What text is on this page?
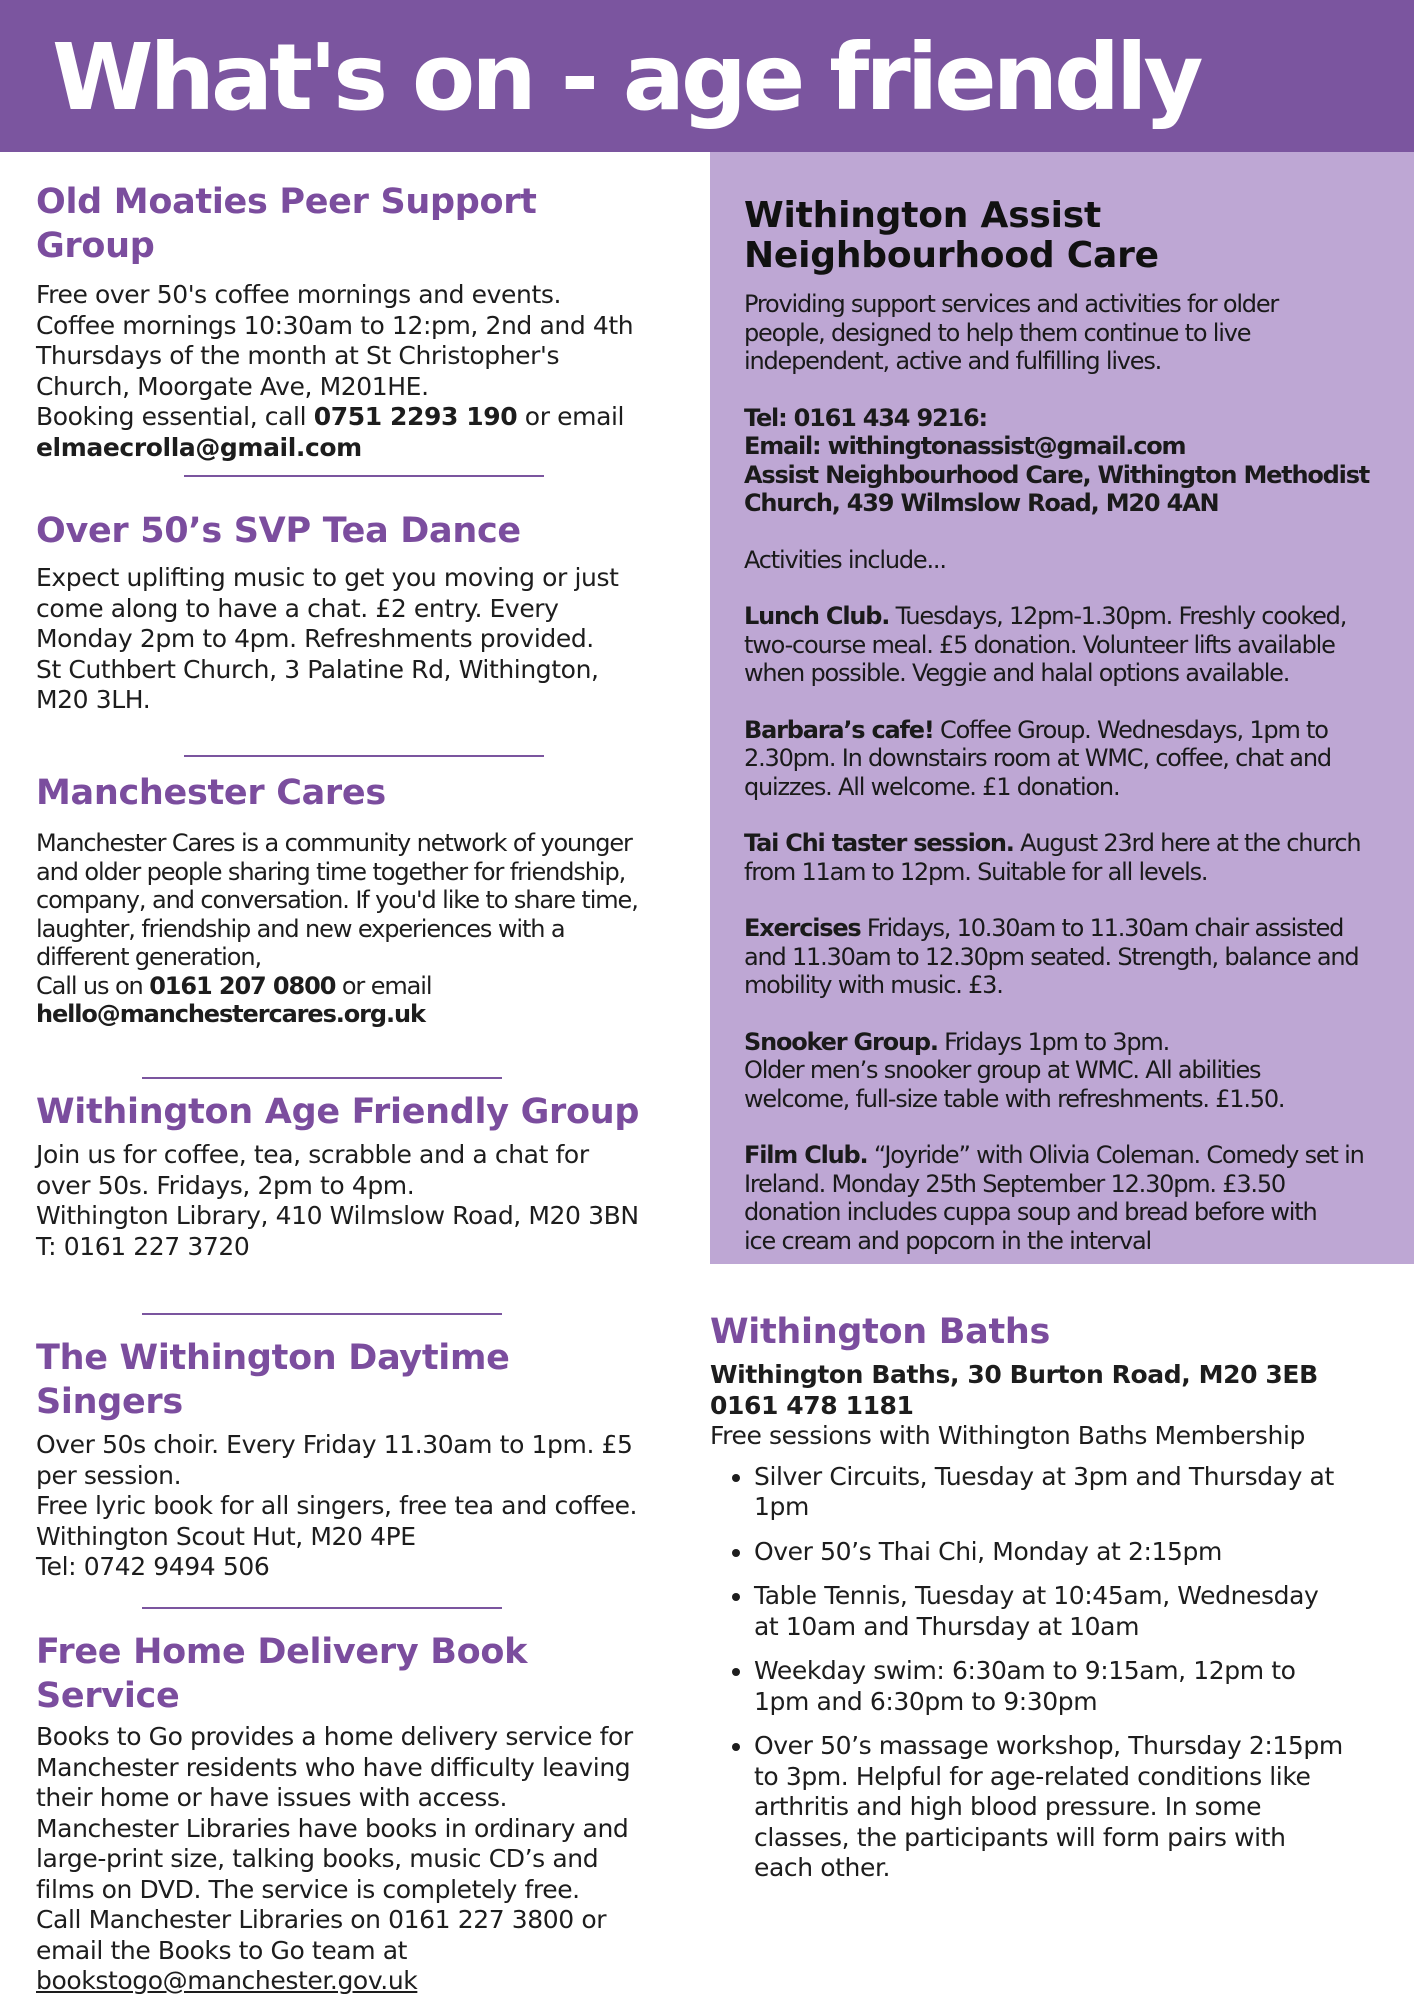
What's on - age friendly
Old Moaties Peer Support Group

Free over 50's coffee mornings and events.

Coffee mornings 10:30am to 12:pm, 2nd and 4th

Thursdays of the month at St Christopher's

Church, Moorgate Ave, M201HE.

Booking essential, call 0751 2293 190 or email

elmaecrolla@gmail.com

Over 50’s SVP Tea Dance

Expect uplifting music to get you moving or just

come along to have a chat. £2 entry. Every

Monday 2pm to 4pm. Refreshments provided.

St Cuthbert Church, 3 Palatine Rd, Withington,

M20 3LH.

Manchester Cares

Manchester Cares is a community network of younger

and older people sharing time together for friendship,

company, and conversation. If you'd like to share time,

laughter, friendship and new experiences with a

different generation,

Call us on 0161 207 0800 or email

hello@manchestercares.org.uk

Withington Age Friendly Group

Join us for coffee, tea, scrabble and a chat for

over 50s. Fridays, 2pm to 4pm.

Withington Library, 410 Wilmslow Road, M20 3BN

T: 0161 227 3720

The Withington Daytime Singers

Over 50s choir. Every Friday 11.30am to 1pm. £5

per session.

Free lyric book for all singers, free tea and coffee.

Withington Scout Hut, M20 4PE

Tel: 0742 9494 506

Free Home Delivery Book Service

Books to Go provides a home delivery service for

Manchester residents who have difficulty leaving

their home or have issues with access.

Manchester Libraries have books in ordinary and

large-print size, talking books, music CD’s and

films on DVD. The service is completely free.

Call Manchester Libraries on 0161 227 3800 or

email the Books to Go team at

bookstogo@manchester.gov.uk

Withington Assist Neighbourhood Care

Providing support services and activities for older

people, designed to help them continue to live

independent, active and fulfilling lives.

Tel: 0161 434 9216:

Email: withingtonassist@gmail.com

Assist Neighbourhood Care, Withington Methodist

Church, 439 Wilmslow Road, M20 4AN

Activities include...

Lunch Club. Tuesdays, 12pm-1.30pm. Freshly cooked,

two-course meal. £5 donation. Volunteer lifts available

when possible. Veggie and halal options available.

Barbara’s cafe! Coffee Group. Wednesdays, 1pm to

2.30pm. In downstairs room at WMC, coffee, chat and

quizzes. All welcome. £1 donation.

Tai Chi taster session. August 23rd here at the church

from 11am to 12pm. Suitable for all levels.

Exercises Fridays, 10.30am to 11.30am chair assisted

and 11.30am to 12.30pm seated. Strength, balance and

mobility with music. £3.

Snooker Group. Fridays 1pm to 3pm.

Older men’s snooker group at WMC. All abilities

welcome, full-size table with refreshments. £1.50.

Film Club. “Joyride” with Olivia Coleman. Comedy set in

Ireland. Monday 25th September 12.30pm. £3.50

donation includes cuppa soup and bread before with

ice cream and popcorn in the interval

Withington Baths

Withington Baths, 30 Burton Road, M20 3EB

0161 478 1181

Free sessions with Withington Baths Membership

• Silver Circuits, Tuesday at 3pm and Thursday at 1pm
• Over 50’s Thai Chi, Monday at 2:15pm
• Table Tennis, Tuesday at 10:45am, Wednesday at 10am and Thursday at 10am
• Weekday swim: 6:30am to 9:15am, 12pm to 1pm and 6:30pm to 9:30pm
• Over 50’s massage workshop, Thursday 2:15pm to 3pm. Helpful for age-related conditions like arthritis and high blood pressure. In some classes, the participants will form pairs with each other.
